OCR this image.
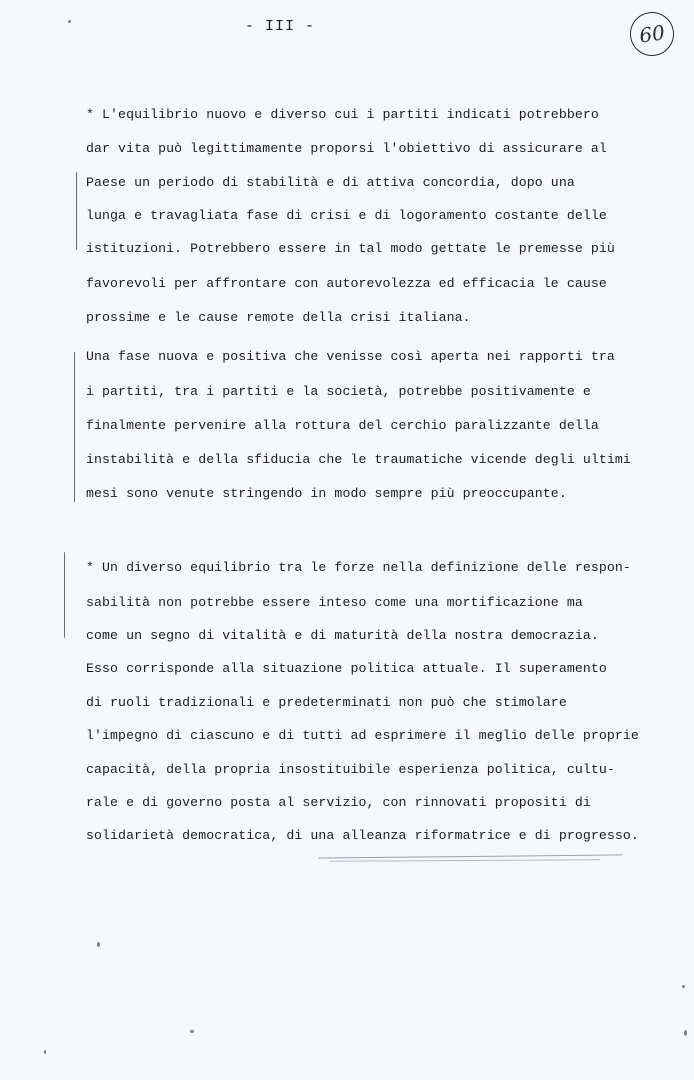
- III -	60
* L'equilibrio nuovo e diverso cui i partiti indicati potrebbero
dar vita può legittimamente proporsi l'obiettivo di assicurare al
Paese un periodo di stabilità e di attiva concordia, dopo una
lunga e travagliata fase di crisi e di logoramento costante delle
istituzioni. Potrebbero essere in tal modo gettate le premesse più
favorevoli per affrontare con autorevolezza ed efficacia le cause
prossime e le cause remote della crisi italiana.
Una fase nuova e positiva che venisse così aperta nei rapporti tra
i partiti, tra i partiti e la società, potrebbe positivamente e
finalmente pervenire alla rottura del cerchio paralizzante della
instabilità e della sfiducia che le traumatiche vicende degli ultimi
mesi sono venute stringendo in modo sempre più preoccupante.
* Un diverso equilibrio tra le forze nella definizione delle respon-
sabilità non potrebbe essere inteso come una mortificazione ma
come un segno di vitalità e di maturità della nostra democrazia.
Esso corrisponde alla situazione politica attuale. Il superamento
di ruoli tradizionali e predeterminati non può che stimolare
l'impegno di ciascuno e di tutti ad esprimere il meglio delle proprie
capacità, della propria insostituibile esperienza politica, cultu-
rale e di governo posta al servizio, con rinnovati propositi di
solidarietà democratica, di una alleanza riformatrice e di progresso.
